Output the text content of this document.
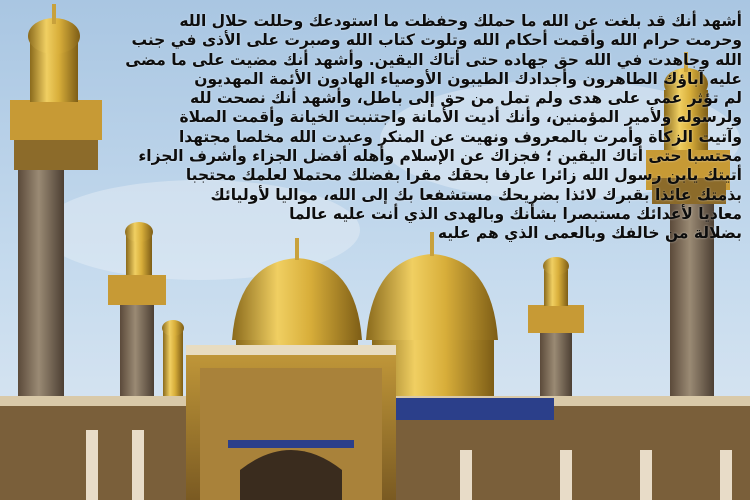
أشهد أنك قد بلغت عن الله ما حملك وحفظت ما استودعك وحللت حلال الله
وحرمت حرام الله وأقمت أحكام الله وتلوت كتاب الله وصبرت على الأذى في جنب
الله وجاهدت في الله حق جهاده حتى أتاك اليقين. وأشهد أنك مضيت على ما مضى
عليه آباؤك الطاهرون وأجدادك الطيبون الأوصياء الهادون الأئمة المهديون
لم تؤثر عمى على هدى ولم تمل من حق إلى باطل، وأشهد أنك نصحت لله
ولرسوله ولأمير المؤمنين، وأنك أديت الأمانة واجتنبت الخيانة وأقمت الصلاة
وآتيت الزكاة وأمرت بالمعروف ونهيت عن المنكر وعبدت الله مخلصا مجتهدا
محتسبا حتى أتاك اليقين ؛ فجزاك عن الإسلام وأهله أفضل الجزاء وأشرف الجزاء
أتيتك يابن رسول الله زائرا عارفا بحقك مقرا بفضلك محتملا لعلمك محتجبا
بذمتك عائذا بقبرك لائذا بضريحك مستشفعا بك إلى الله، مواليا لأوليائك
معاديا لأعدائك مستبصرا بشأنك وبالهدى الذي أنت عليه عالما
بضلالة من خالفك وبالعمى الذي هم عليه
